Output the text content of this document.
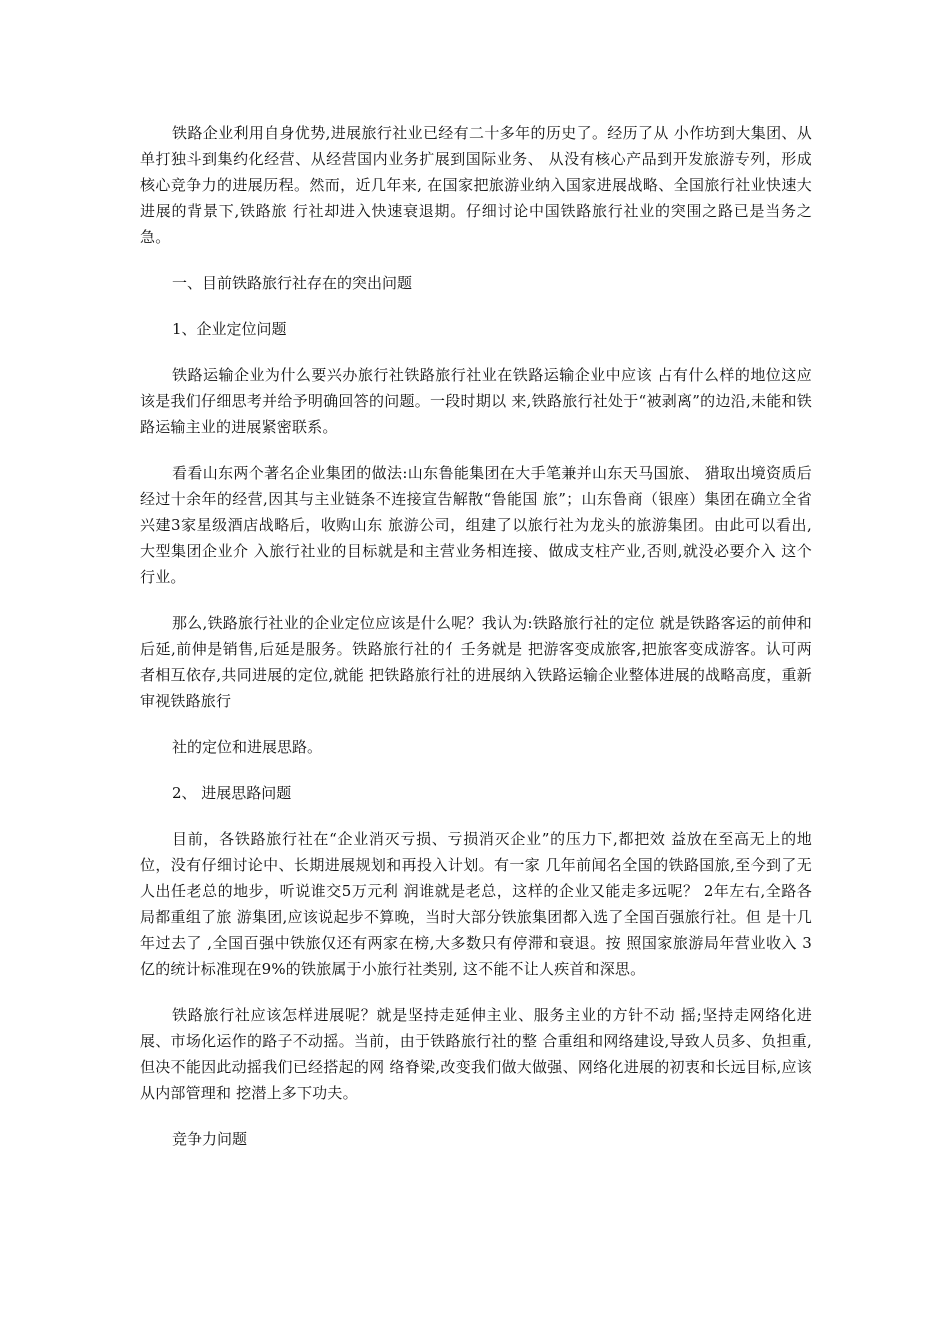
铁路企业利用自身优势,进展旅行社业已经有二十多年的历史了。经历了从 小作坊到大集团、从单打独斗到集约化经营、从经营国内业务扩展到国际业务、 从没有核心产品到开发旅游专列，形成核心竞争力的进展历程。然而，近几年来, 在国家把旅游业纳入国家进展战略、全国旅行社业快速大进展的背景下,铁路旅 行社却进入快速衰退期。仔细讨论中国铁路旅行社业的突围之路已是当务之急。

一、目前铁路旅行社存在的突出问题

1、企业定位问题

铁路运输企业为什么要兴办旅行社铁路旅行社业在铁路运输企业中应该 占有什么样的地位这应该是我们仔细思考并给予明确回答的问题。一段时期以 来,铁路旅行社处于“被剥离”的边沿,未能和铁路运输主业的进展紧密联系。

看看山东两个著名企业集团的做法:山东鲁能集团在大手笔兼并山东天马国旅、 猎取出境资质后经过十余年的经营,因其与主业链条不连接宣告解散“鲁能国 旅”；山东鲁商（银座）集团在确立全省兴建3家星级酒店战略后，收购山东 旅游公司，组建了以旅行社为龙头的旅游集团。由此可以看出,大型集团企业介 入旅行社业的目标就是和主营业务相连接、做成支柱产业,否则,就没必要介入 这个行业。

那么,铁路旅行社业的企业定位应该是什么呢？我认为:铁路旅行社的定位 就是铁路客运的前伸和后延,前伸是销售,后延是服务。铁路旅行社的亻壬务就是 把游客变成旅客,把旅客变成游客。认可两者相互依存,共同进展的定位,就能 把铁路旅行社的进展纳入铁路运输企业整体进展的战略高度，重新审视铁路旅行

社的定位和进展思路。

2、 进展思路问题

目前，各铁路旅行社在“企业消灭亏损、亏损消灭企业”的压力下,都把效 益放在至高无上的地位，没有仔细讨论中、长期进展规划和再投入计划。有一家 几年前闻名全国的铁路国旅,至今到了无人出任老总的地步，听说谁交5万元利 润谁就是老总，这样的企业又能走多远呢？ 2年左右,全路各局都重组了旅 游集团,应该说起步不算晚，当时大部分铁旅集团都入选了全国百强旅行社。但 是十几年过去了 ,全国百强中铁旅仅还有两家在榜,大多数只有停滞和衰退。按 照国家旅游局年营业收入 3亿的统计标准现在9%的铁旅属于小旅行社类别, 这不能不让人疾首和深思。

铁路旅行社应该怎样进展呢？就是坚持走延伸主业、服务主业的方针不动 摇;坚持走网络化进展、市场化运作的路子不动摇。当前，由于铁路旅行社的整 合重组和网络建设,导致人员多、负担重,但决不能因此动摇我们已经搭起的网 络脊梁,改变我们做大做强、网络化进展的初衷和长远目标,应该从内部管理和 挖潜上多下功夫。

竞争力问题
